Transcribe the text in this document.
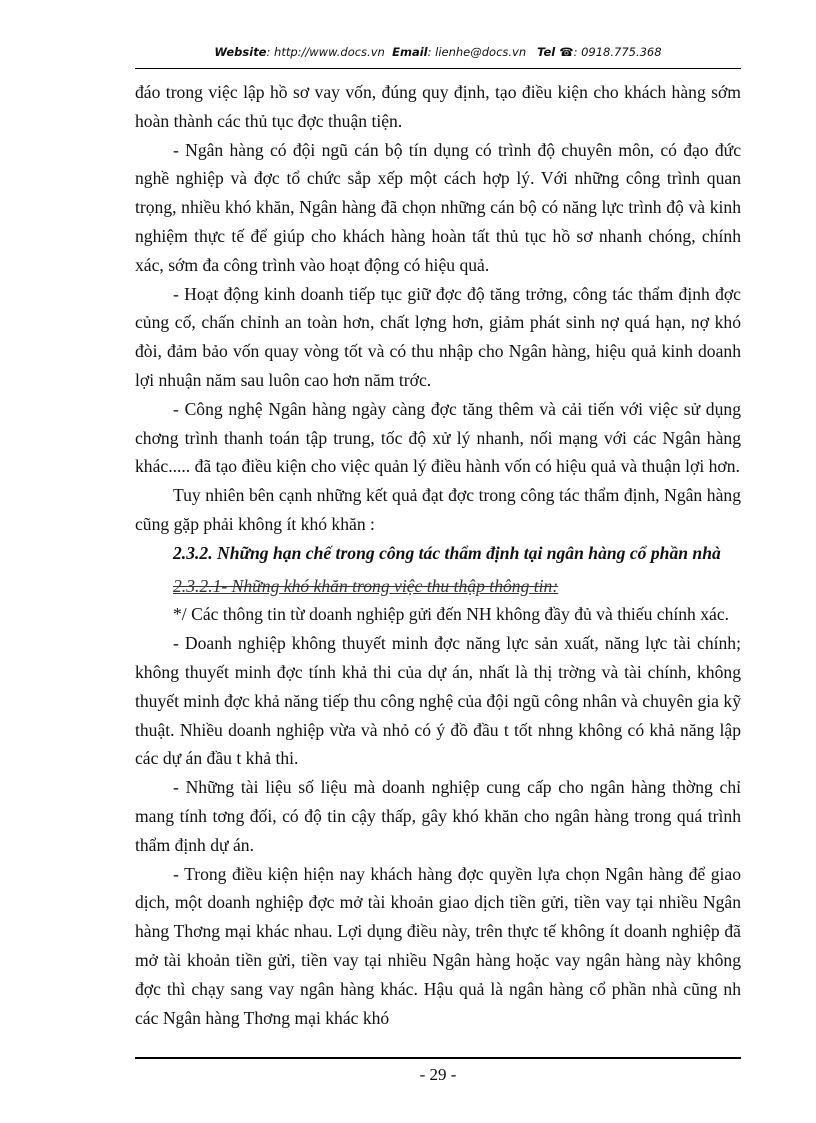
Website: http://www.docs.vn Email: lienhe@docs.vn Tel ☎: 0918.775.368

đáo trong việc lập hồ sơ vay vốn, đúng quy định, tạo điều kiện cho khách hàng sớm hoàn thành các thủ tục đợc thuận tiện.

- Ngân hàng có đội ngũ cán bộ tín dụng có trình độ chuyên môn, có đạo đức nghề nghiệp và đợc tổ chức sắp xếp một cách hợp lý. Với những công trình quan trọng, nhiều khó khăn, Ngân hàng đã chọn những cán bộ có năng lực trình độ và kinh nghiệm thực tế để giúp cho khách hàng hoàn tất thủ tục hồ sơ nhanh chóng, chính xác, sớm đa công trình vào hoạt động có hiệu quả.

- Hoạt động kinh doanh tiếp tục giữ đợc độ tăng trởng, công tác thẩm định đợc củng cố, chấn chỉnh an toàn hơn, chất lợng hơn, giảm phát sinh nợ quá hạn, nợ khó đòi, đảm bảo vốn quay vòng tốt và có thu nhập cho Ngân hàng, hiệu quả kinh doanh lợi nhuận năm sau luôn cao hơn năm trớc.

- Công nghệ Ngân hàng ngày càng đợc tăng thêm và cải tiến với việc sử dụng chơng trình thanh toán tập trung, tốc độ xử lý nhanh, nối mạng với các Ngân hàng khác..... đã tạo điều kiện cho việc quản lý điều hành vốn có hiệu quả và thuận lợi hơn.

Tuy nhiên bên cạnh những kết quả đạt đợc trong công tác thẩm định, Ngân hàng cũng gặp phải không ít khó khăn :

2.3.2. Những hạn chế trong công tác thẩm định tại ngân hàng cổ phần nhà

2.3.2.1- Những khó khăn trong việc thu thập thông tin:

*/ Các thông tin từ doanh nghiệp gửi đến NH không đầy đủ và thiếu chính xác.

- Doanh nghiệp không thuyết minh đợc năng lực sản xuất, năng lực tài chính; không thuyết minh đợc tính khả thi của dự án, nhất là thị trờng và tài chính, không thuyết minh đợc khả năng tiếp thu công nghệ của đội ngũ công nhân và chuyên gia kỹ thuật. Nhiều doanh nghiệp vừa và nhỏ có ý đồ đầu t tốt nhng không có khả năng lập các dự án đầu t khả thi.

- Những tài liệu số liệu mà doanh nghiệp cung cấp cho ngân hàng thờng chỉ mang tính tơng đối, có độ tin cậy thấp, gây khó khăn cho ngân hàng trong quá trình thẩm định dự án.

- Trong điều kiện hiện nay khách hàng đợc quyền lựa chọn Ngân hàng để giao dịch, một doanh nghiệp đợc mở tài khoản giao dịch tiền gửi, tiền vay tại nhiều Ngân hàng Thơng mại khác nhau. Lợi dụng điều này, trên thực tế không ít doanh nghiệp đã mở tài khoản tiền gửi, tiền vay tại nhiều Ngân hàng hoặc vay ngân hàng này không đợc thì chạy sang vay ngân hàng khác. Hậu quả là ngân hàng cổ phần nhà cũng nh các Ngân hàng Thơng mại khác khó

- 29 -
